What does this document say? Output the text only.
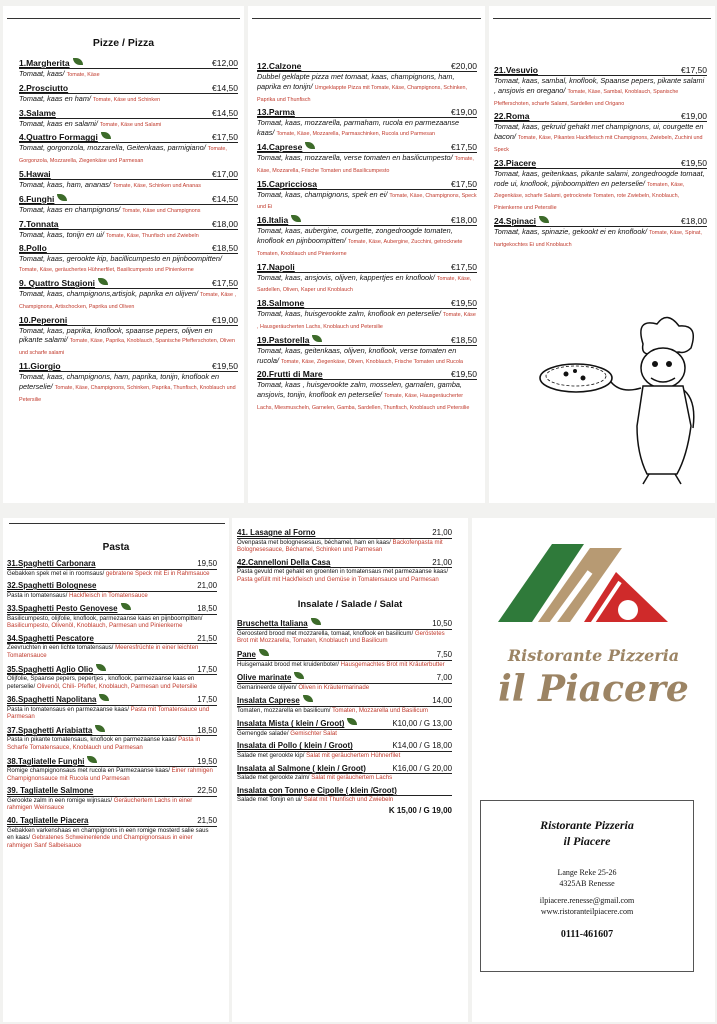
Pizze / Pizza
1.Margherita	€12,00
Tomaat, kaas/ Tomate, Käse
2.Prosciutto	€14,50
Tomaat, kaas en ham/ Tomate, Käse und Schinken
3.Salame	€14,50
Tomaat, kaas en salami/ Tomate, Käse und Salami
4.Quattro Formaggi	€17,50
Tomaat, gorgonzola, mozzarella, Geitenkaas, parmigiano/ Tomate, Gorgonzola, Mozzarella, Ziegenkäse und Parmesan
5.Hawai	€17,00
Tomaat, kaas, ham, ananas/ Tomate, Käse, Schinken und Ananas
6.Funghi	€14,50
Tomaat, kaas en champignons/ Tomate, Käse und Champignons
7.Tonnata	€18,00
Tomaat, kaas, tonijn en ui/ Tomate, Käse, Thunfisch und Zwiebeln
8.Pollo	€18,50
Tomaat, kaas, gerookte kip, bacillicumpesto en pijnboompitten/ Tomate, Käse, geräuchertes Hühnerfilet, Basilicumpesto und Pinienkerne
9. Quattro Stagioni	€17,50
Tomaat, kaas, champignons,artisjok, paprika en olijven/ Tomate, Käse , Champignons, Artischocken, Paprika und Oliven
10.Peperoni	€19,00
Tomaat, kaas, paprika, knoflook, spaanse pepers, olijven en pikante salami/ Tomate, Käse, Paprika, Knoblauch, Spanische Pfefferschoten, Oliven und scharfe salami
11.Giorgio	€19,50
Tomaat, kaas, champignons, ham, paprika, tonijn, knoflook en peterselie/ Tomate, Käse, Champignons, Schinken, Paprika, Thunfisch, Knoblauch und Petersilie
12.Calzone	€20,00
Dubbel geklapte pizza met tomaat, kaas, champignons, ham, paprika en tonijn/ Umgeklappte Pizza mit Tomate, Käse, Champignons, Schinken, Paprika und Thunfisch
13.Parma	€19,00
Tomaat, kaas, mozzarella, parmaham, rucola en parmezaanse kaas/ Tomate, Käse, Mozzarella, Parmaschinken, Rucola und Parmesan
14.Caprese	€17,50
Tomaat, kaas, mozzarella, verse tomaten en basilicumpesto/ Tomate, Käse, Mozzarella, Frische Tomaten und Basilicumpesto
15.Capricciosa	€17,50
Tomaat, kaas, champignons, spek en ei/ Tomate, Käse, Champignons, Speck und Ei
16.Italia	€18,00
Tomaat, kaas, aubergine, courgette, zongedroogde tomaten, knoflook en pijnboompitten/ Tomate, Käse, Aubergine, Zucchini, getrocknete Tomaten, Knoblauch und Pinienkerne
17.Napoli	€17,50
Tomaat, kaas, ansjovis, olijven, kappertjes en knoflook/ Tomate, Käse, Sardellen, Oliven, Kaper und Knoblauch
18.Salmone	€19,50
Tomaat, kaas, huisgerookte zalm, knoflook en peterselie/ Tomate, Käse , Hausgeräucherten Lachs, Knoblauch und Petersilie
19.Pastorella	€18,50
Tomaat, kaas, geitenkaas, olijven, knoflook, verse tomaten en rucola/ Tomate, Käse, Ziegenkäse, Oliven, Knoblauch, Frische Tomaten und Rucola
20.Frutti di Mare	€19,50
Tomaat, kaas , huisgerookte zalm, mosselen, garnalen, gamba, ansjovis, tonijn, knoflook en peterselie/ Tomate, Käse, Hausgeräucherter Lachs, Miesmuscheln, Garnelen, Gamba, Sardellen, Thunfisch, Knoblauch und Petersilie
21.Vesuvio	€17,50
Tomaat, kaas, sambal, knoflook, Spaanse pepers, pikante salami , ansjovis en oregano/ Tomate, Käse, Sambal, Knoblauch, Spanische Pfefferschoten, scharfe Salami, Sardellen und Origano
22.Roma	€19,00
Tomaat, kaas, gekruid gehakt met champignons, ui, courgette en bacon/ Tomate, Käse, Pikantes Hackfleisch mit Champignons, Zwiebeln, Zuchini und Speck
23.Piacere	€19,50
Tomaat, kaas, geitenkaas, pikante salami, zongedroogde tomaat, rode ui, knoflook, pijnboompitten en peterselie/ Tomaten, Käse, Ziegenkäse, scharfe Salami, getrocknete Tomaten, rote Zwiebeln, Knoblauch, Pinienkerne und Petersilie
24.Spinaci	€18,00
Tomaat, kaas, spinazie, gekookt ei en knoflook/ Tomate, Käse, Spinat, hartgekochtes Ei und Knoblauch
Pasta
31.Spaghetti Carbonara	19,50
Gebakken spek met ei in roomsaus/ gebratene Speck mit Ei in Rahmsauce
32.Spaghetti Bolognese	21,00
Pasta in tomatensaus/ Hackfleisch in Tomatensauce
33.Spaghetti Pesto Genovese	18,50
Basilicumpesto, olijfolie, knoflook, parmezaanse kaas en pijnboompitten/ Basilicumpesto, Olivenöl, Knoblauch, Parmesan und Pinienkerne
34.Spaghetti Pescatore	21,50
Zeevruchten in een lichte tomatensaus/ Meeresfrüchte in einer leichten Tomatensauce
35.Spaghetti Aglio Olio	17,50
Olijfolie, Spaanse pepers, pepertjes , knoflook, parmezaanse kaas en peterselie/ Olivenöl, Chili- Pfeffer, Knoblauch, Parmesan und Petersilie
36.Spaghetti Napolitana	17,50
Pasta in tomatensaus en parmezaanse kaas/ Pasta mit Tomatensauce und Parmesan
37.Spaghetti Ariabiatta	18,50
Pasta in pikante tomatensaus, knoflook en parmezaanse kaas/ Pasta in Scharfe Tomatensauce, Knoblauch und Parmesan
38.Tagliatelle Funghi	19,50
Romige champignonsaus met rucola en Parmezaanse kaas/ Einer rahmigen Champignonsauce mit Rucola und Parmesan
39. Tagliatelle Salmone	22,50
Gerookte zalm in een romige wijnsaus/ Geräuchertem Lachs in einer rahmigen Weinsauce
40. Tagliatelle Piacera	21,50
Gebakken varkenshaas en champignons in een romige mosterd salie saus en kaas/ Gebratenes Schweinenlende und Champignonsaus in einer rahmigen Sanf Salbeisauce
41. Lasagne al Forno	21,00
Ovenpasta met bolognesesaus, béchamel, ham en kaas/ Backofenpasta mit Bolognesesauce, Béchamel, Schinken und Parmesan
42.Cannelloni Della Casa	21,00
Pasta gevuld met gehakt en groenten in tomatensaus met parmezaanse kaas/ Pasta gefüllt mit Hackfleisch und Gemüse in Tomatensauce und Parmesan
Insalate / Salade / Salat
Bruschetta Italiana	10,50
Geroosterd brood met mozzarella, tomaat, knoflook en basilicum/ Geröstetes Brot mit Mozzarella, Tomaten, Knoblauch und Basilicum
Pane	7,50
Huisgemaakt brood met kruidenboter/ Hausgemachtes Brot mit Kräuterbutter
Olive marinate	7,00
Gemarineerde olijven/ Oliven in Kräutermarinade
Insalata Caprese	14,00
Tomaten, mozzarella en basilicum/ Tomaten, Mozzarella und Basilicum
Insalata Mista ( klein / Groot)	K10,00 / G 13,00
Gemengde salade/ Gemischter Salat
Insalata di Pollo ( klein / Groot)	K14,00 / G 18,00
Salade met gerookte kip/ Salat mit geräuchertem Hühnerfilet
Insalata al Salmone ( klein / Groot)	K16,00 / G 20,00
Salade met gerookte zalm/ Salat mit geräuchertem Lachs
Insalata con Tonno e Cipolle ( klein /Groot)
Salade met Tonijn en ui/ Salat mit Thunfisch und Zwiebeln
K 15,00 / G 19,00
Ristorante Pizzeria
il Piacere
Ristorante Pizzeria
il Piacere
Lange Reke 25-26
4325AB Renesse
ilpiacere.renesse@gmail.com
www.ristoranteilpiacere.com
0111-461607
